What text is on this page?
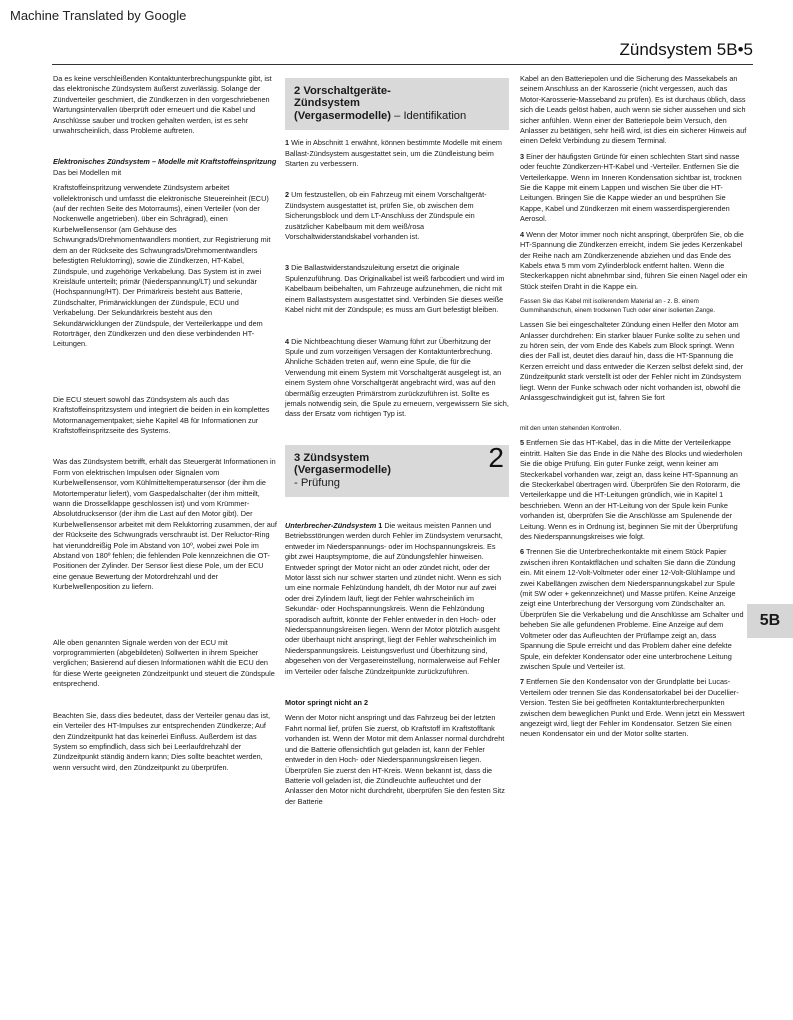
Machine Translated by Google
Zündsystem 5B•5

Da es keine verschleißenden Kontaktunterbrechungspunkte gibt, ist das elektronische Zündsystem äußerst zuverlässig. Solange der Zündverteiler geschmiert, die Zündkerzen in den vorgeschriebenen Wartungsintervallen überprüft oder erneuert und die Kabel und Anschlüsse sauber und trocken gehalten werden, ist es sehr unwahrscheinlich, dass Probleme auftreten.

Elektronisches Zündsystem – Modelle mit Kraftstoffeinspritzung Das bei Modellen mit

Kraftstoffeinspritzung verwendete Zündsystem arbeitet vollelektronisch und umfasst die elektronische Steuereinheit (ECU) (auf der rechten Seite des Motorraums), einen Verteiler (von der Nockenwelle angetrieben). über ein Schrägrad), einen Kurbelwellensensor (am Gehäuse des Schwungrads/Drehmomentwandlers montiert, zur Registrierung mit dem an der Rückseite des Schwungrads/Drehmomentwandlers befestigten Reluktorring), sowie die Zündkerzen, HT-Kabel, Zündspule, und zugehörige Verkabelung. Das System ist in zwei Kreisläufe unterteilt; primär (Niederspannung/LT) und sekundär (Hochspannung/HT). Der Primärkreis besteht aus Batterie, Zündschalter, Primärwicklungen der Zündspule, ECU und Verkabelung. Der Sekundärkreis besteht aus den Sekundärwicklungen der Zündspule, der Verteilerkappe und dem Rotorträger, den Zündkerzen und den diese verbindenden HT-Leitungen.

Die ECU steuert sowohl das Zündsystem als auch das Kraftstoffeinspritzsystem und integriert die beiden in ein komplettes Motormanagementpaket; siehe Kapitel 4B für Informationen zur Kraftstoffeinspritzseite des Systems.

Was das Zündsystem betrifft, erhält das Steuergerät Informationen in Form von elektrischen Impulsen oder Signalen vom Kurbelwellensensor, vom Kühlmitteltemperatursensor (der ihm die Motortemperatur liefert), vom Gaspedalschalter (der ihm mitteilt, wann die Drosselklappe geschlossen ist) und vom Krümmer-Absolutdrucksensor (der ihm die Last auf den Motor gibt). Der Kurbelwellensensor arbeitet mit dem Reluktorring zusammen, der auf der Rückseite des Schwungrads verschraubt ist. Der Reluctor-Ring hat vierunddreißig Pole im Abstand von 10º, wobei zwei Pole im Abstand von 180º fehlen; die fehlenden Pole kennzeichnen die OT-Positionen der Zylinder. Der Sensor liest diese Pole, um der ECU eine genaue Bewertung der Motordrehzahl und der Kurbelwellenposition zu liefern.

Alle oben genannten Signale werden von der ECU mit vorprogrammierten (abgebildeten) Sollwerten in ihrem Speicher verglichen; Basierend auf diesen Informationen wählt die ECU den für diese Werte geeigneten Zündzeitpunkt und steuert die Zündspule entsprechend.

Beachten Sie, dass dies bedeutet, dass der Verteiler genau das ist, ein Verteiler des HT-Impulses zur entsprechenden Zündkerze; Auf den Zündzeitpunkt hat das keinerlei Einfluss. Außerdem ist das System so empfindlich, dass sich bei Leerlaufdrehzahl der Zündzeitpunkt ständig ändern kann; Dies sollte beachtet werden, wenn versucht wird, den Zündzeitpunkt zu überprüfen.

2 Vorschaltgeräte-
Zündsystem
(Vergasermodelle) – Identifikation

1 Wie in Abschnitt 1 erwähnt, können bestimmte Modelle mit einem Ballast-Zündsystem ausgestattet sein, um die Zündleistung beim Starten zu verbessern.

2 Um festzustellen, ob ein Fahrzeug mit einem Vorschaltgerät-Zündsystem ausgestattet ist, prüfen Sie, ob zwischen dem Sicherungsblock und dem LT-Anschluss der Zündspule ein zusätzlicher Kabelbaum mit dem weiß/rosa Vorschaltwiderstandskabel vorhanden ist.

3 Die Ballastwiderstandszuleitung ersetzt die originale Spulenzuführung. Das Originalkabel ist weiß farbcodiert und wird im Kabelbaum beibehalten, um Fahrzeuge aufzunehmen, die nicht mit einem Ballastsystem ausgestattet sind. Verbinden Sie dieses weiße Kabel nicht mit der Zündspule; es muss am Gurt befestigt bleiben.

4 Die Nichtbeachtung dieser Warnung führt zur Überhitzung der Spule und zum vorzeitigen Versagen der Kontaktunterbrechung. Ähnliche Schäden treten auf, wenn eine Spule, die für die Verwendung mit einem System mit Vorschaltgerät ausgelegt ist, an einem System ohne Vorschaltgerät angebracht wird, was auf den übermäßig erzeugten Primärstrom zurückzuführen ist. Sollte es jemals notwendig sein, die Spule zu erneuern, vergewissern Sie sich, dass der Ersatz vom richtigen Typ ist.

3 Zündsystem (Vergasermodelle)
- Prüfung
2

Unterbrecher-Zündsystem 1 Die weitaus meisten Pannen und Betriebsstörungen werden durch Fehler im Zündsystem verursacht, entweder im Niederspannungs- oder im Hochspannungskreis. Es gibt zwei Hauptsymptome, die auf Zündungsfehler hinweisen. Entweder springt der Motor nicht an oder zündet nicht, oder der Motor lässt sich nur schwer starten und zündet nicht. Wenn es sich um eine normale Fehlzündung handelt, dh der Motor nur auf zwei oder drei Zylindern läuft, liegt der Fehler wahrscheinlich im Sekundär- oder Hochspannungskreis. Wenn die Fehlzündung sporadisch auftritt, könnte der Fehler entweder in den Hoch- oder Niederspannungskreisen liegen. Wenn der Motor plötzlich ausgeht oder überhaupt nicht anspringt, liegt der Fehler wahrscheinlich im Niederspannungskreis. Leistungsverlust und Überhitzung sind, abgesehen von der Vergasereinstellung, normalerweise auf Fehler im Verteiler oder falsche Zündzeitpunkte zurückzuführen.

Motor springt nicht an 2

Wenn der Motor nicht anspringt und das Fahrzeug bei der letzten Fahrt normal lief, prüfen Sie zuerst, ob Kraftstoff im Kraftstofftank vorhanden ist. Wenn der Motor mit dem Anlasser normal durchdreht und die Batterie offensichtlich gut geladen ist, kann der Fehler entweder in den Hoch- oder Niederspannungskreisen liegen. Überprüfen Sie zuerst den HT-Kreis. Wenn bekannt ist, dass die Batterie voll geladen ist, die Zündleuchte aufleuchtet und der Anlasser den Motor nicht durchdreht, überprüfen Sie den festen Sitz der Batterie

Kabel an den Batteriepolen und die Sicherung des Massekabels an seinem Anschluss an der Karosserie (nicht vergessen, auch das Motor-Karosserie-Masseband zu prüfen). Es ist durchaus üblich, dass sich die Leads gelöst haben, auch wenn sie sicher aussehen und sich sicher anfühlen. Wenn einer der Batteriepole beim Versuch, den Anlasser zu betätigen, sehr heiß wird, ist dies ein sicherer Hinweis auf einen Defekt Verbindung zu diesem Terminal.

3 Einer der häufigsten Gründe für einen schlechten Start sind nasse oder feuchte Zündkerzen-HT-Kabel und -Verteiler. Entfernen Sie die Verteilerkappe. Wenn im Inneren Kondensation sichtbar ist, trocknen Sie die Kappe mit einem Lappen und wischen Sie über die HT-Leitungen. Bringen Sie die Kappe wieder an und besprühen Sie Kappe, Kabel und Zündkerzen mit einem wasserdispergierenden Aerosol.

4 Wenn der Motor immer noch nicht anspringt, überprüfen Sie, ob die HT-Spannung die Zündkerzen erreicht, indem Sie jedes Kerzenkabel der Reihe nach am Zündkerzenende abziehen und das Ende des Kabels etwa 5 mm vom Zylinderblock entfernt halten. Wenn die Steckerkappen nicht abnehmbar sind, führen Sie einen Nagel oder ein Stück steifen Draht in die Kappe ein.

Fassen Sie das Kabel mit isolierendem Material an - z. B. einem Gummihandschuh, einem trockenen Tuch oder einer isolierten Zange.

Lassen Sie bei eingeschalteter Zündung einen Helfer den Motor am Anlasser durchdrehen: Ein starker blauer Funke sollte zu sehen und zu hören sein, der vom Ende des Kabels zum Block springt. Wenn dies der Fall ist, deutet dies darauf hin, dass die HT-Spannung die Kerzen erreicht und dass entweder die Kerzen selbst defekt sind, der Zündzeitpunkt stark verstellt ist oder der Fehler nicht im Zündsystem liegt. Wenn der Funke schwach oder nicht vorhanden ist, obwohl die Anlassgeschwindigkeit gut ist, fahren Sie fort

mit den unten stehenden Kontrollen.

5 Entfernen Sie das HT-Kabel, das in die Mitte der Verteilerkappe eintritt. Halten Sie das Ende in die Nähe des Blocks und wiederholen Sie die obige Prüfung. Ein guter Funke zeigt, wenn keiner am Steckerkabel vorhanden war, zeigt an, dass keine HT-Spannung an die Steckerkabel übertragen wird. Überprüfen Sie den Rotorarm, die Verteilerkappe und die HT-Leitungen gründlich, wie in Kapitel 1 beschrieben. Wenn an der HT-Leitung von der Spule kein Funke vorhanden ist, überprüfen Sie die Anschlüsse am Spulenende der Leitung. Wenn es in Ordnung ist, beginnen Sie mit der Überprüfung des Niederspannungskreises wie folgt.

6 Trennen Sie die Unterbrecherkontakte mit einem Stück Papier zwischen ihren Kontaktflächen und schalten Sie dann die Zündung ein. Mit einem 12-Volt-Voltmeter oder einer 12-Volt-Glühlampe und zwei Kabellängen zwischen dem Niederspannungskabel zur Spule (mit SW oder + gekennzeichnet) und Masse prüfen. Keine Anzeige zeigt eine Unterbrechung der Versorgung vom Zündschalter an. Überprüfen Sie die Verkabelung und die Anschlüsse am Schalter und beheben Sie alle gefundenen Probleme. Eine Anzeige auf dem Voltmeter oder das Aufleuchten der Prüflampe zeigt an, dass Spannung die Spule erreicht und das Problem daher eine defekte Spule, ein defekter Kondensator oder eine unterbrochene Leitung zwischen Spule und Verteiler ist.

7 Entfernen Sie den Kondensator von der Grundplatte bei Lucas-Verteilern oder trennen Sie das Kondensatorkabel bei der Ducellier-Version. Testen Sie bei geöffneten Kontaktunterbrecherpunkten zwischen dem beweglichen Punkt und Erde. Wenn jetzt ein Messwert angezeigt wird, liegt der Fehler im Kondensator. Setzen Sie einen neuen Kondensator ein und der Motor sollte starten.

5B
